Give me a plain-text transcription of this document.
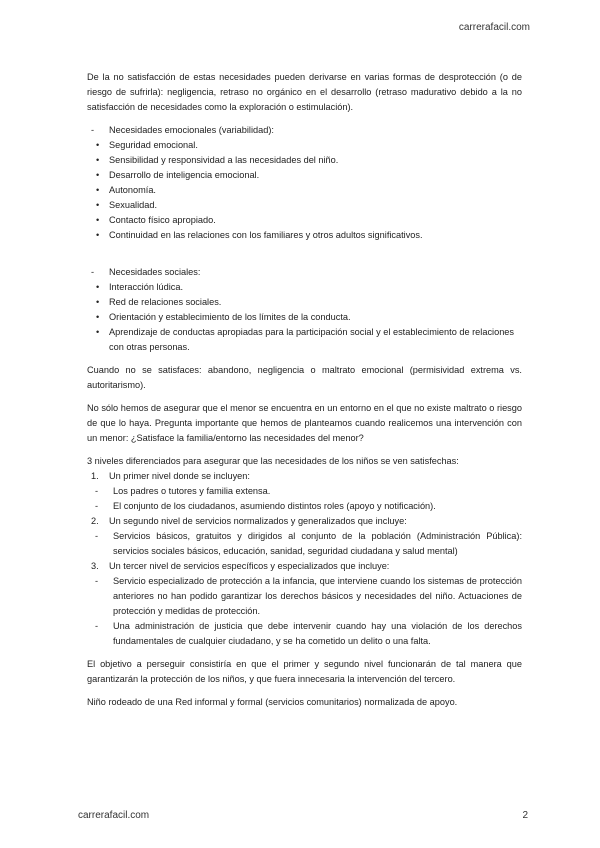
carrerafacil.com

De la no satisfacción de estas necesidades pueden derivarse en varias formas de desprotección (o de riesgo de sufrirla): negligencia, retraso no orgánico en el desarrollo (retraso madurativo debido a la no satisfacción de necesidades como la exploración o estimulación).

- Necesidades emocionales (variabilidad):
• Seguridad emocional.
• Sensibilidad y responsividad a las necesidades del niño.
• Desarrollo de inteligencia emocional.
• Autonomía.
• Sexualidad.
• Contacto físico apropiado.
• Continuidad en las relaciones con los familiares y otros adultos significativos.
- Necesidades sociales:
• Interacción lúdica.
• Red de relaciones sociales.
• Orientación y establecimiento de los límites de la conducta.
• Aprendizaje de conductas apropiadas para la participación social y el establecimiento de relaciones con otras personas.

Cuando no se satisfaces: abandono, negligencia o maltrato emocional (permisividad extrema vs. autoritarismo).

No sólo hemos de asegurar que el menor se encuentra en un entorno en el que no existe maltrato o riesgo de que lo haya. Pregunta importante que hemos de planteamos cuando realicemos una intervención con un menor: ¿Satisface la familia/entorno las necesidades del menor?

3 niveles diferenciados para asegurar que las necesidades de los niños se ven satisfechas:
1. Un primer nivel donde se incluyen:
- Los padres o tutores y familia extensa.
- El conjunto de los ciudadanos, asumiendo distintos roles (apoyo y notificación).
2. Un segundo nivel de servicios normalizados y generalizados que incluye:
- Servicios básicos, gratuitos y dirigidos al conjunto de la población (Administración Pública): servicios sociales básicos, educación, sanidad, seguridad ciudadana y salud mental)
3. Un tercer nivel de servicios específicos y especializados que incluye:
- Servicio especializado de protección a la infancia, que interviene cuando los sistemas de protección anteriores no han podido garantizar los derechos básicos y necesidades del niño. Actuaciones de protección y medidas de protección.
- Una administración de justicia que debe intervenir cuando hay una violación de los derechos fundamentales de cualquier ciudadano, y se ha cometido un delito o una falta.

El objetivo a perseguir consistiría en que el primer y segundo nivel funcionarán de tal manera que garantizarán la protección de los niños, y que fuera innecesaria la intervención del tercero.

Niño rodeado de una Red informal y formal (servicios comunitarios) normalizada de apoyo.

carrerafacil.com	2
